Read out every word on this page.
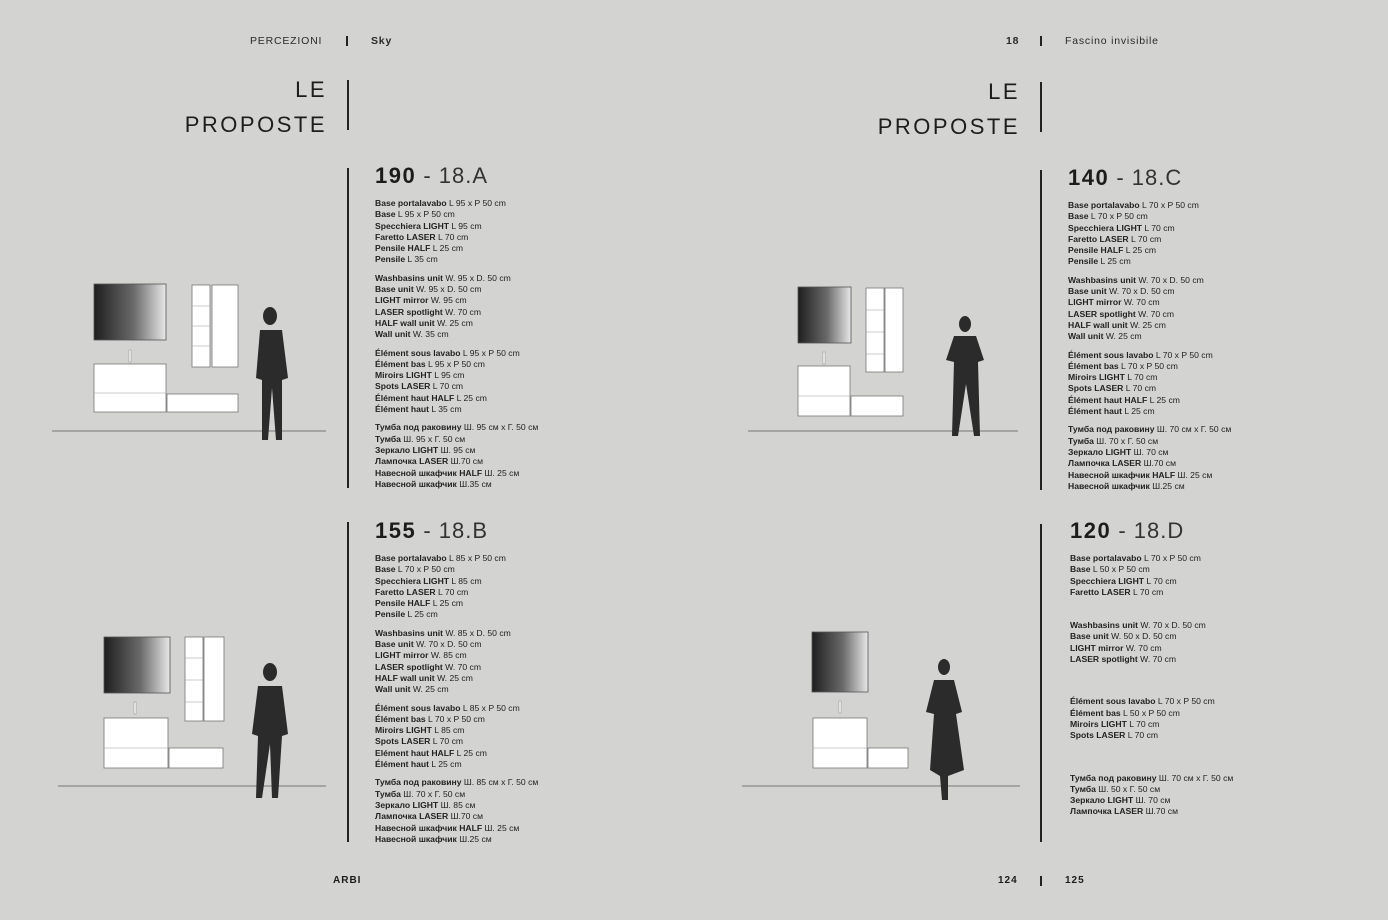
PERCEZIONI	Sky	18	Fascino invisibile
LE
PROPOSTE
LE
PROPOSTE
190 - 18.A
Base portalavabo L 95 x P 50 cm
Base L 95 x P 50 cm
Specchiera LIGHT L 95 cm
Faretto LASER L 70 cm
Pensile HALF L 25 cm
Pensile L 35 cm
Washbasins unit W. 95 x D. 50 cm
Base unit W. 95 x D. 50 cm
LIGHT mirror W. 95 cm
LASER spotlight W. 70 cm
HALF wall unit W. 25 cm
Wall unit W. 35 cm
Élément sous lavabo L 95 x P 50 cm
Élément bas L 95 x P 50 cm
Miroirs LIGHT L 95 cm
Spots LASER L 70 cm
Élément haut HALF L 25 cm
Élément haut L 35 cm
Тумба под раковину Ш. 95 см х Г. 50 см
Тумба Ш. 95 х Г. 50 см
Зеркало LIGHT Ш. 95 см
Лампочка LASER Ш.70 см
Навесной шкафчик HALF Ш. 25 см
Навесной шкафчик Ш.35 см
155 - 18.B
Base portalavabo L 85 x P 50 cm
Base L 70 x P 50 cm
Specchiera LIGHT L 85 cm
Faretto LASER L 70 cm
Pensile HALF L 25 cm
Pensile L 25 cm
Washbasins unit W. 85 x D. 50 cm
Base unit W. 70 x D. 50 cm
LIGHT mirror W. 85 cm
LASER spotlight W. 70 cm
HALF wall unit W. 25 cm
Wall unit W. 25 cm
Élément sous lavabo L 85 x P 50 cm
Élément bas L 70 x P 50 cm
Miroirs LIGHT L 85 cm
Spots LASER L 70 cm
Elément haut HALF L 25 cm
Élément haut L 25 cm
Тумба под раковину Ш. 85 см х Г. 50 см
Тумба Ш. 70 х Г. 50 см
Зеркало LIGHT Ш. 85 см
Лампочка LASER Ш.70 см
Навесной шкафчик HALF Ш. 25 см
Навесной шкафчик Ш.25 см
140 - 18.C
Base portalavabo L 70 x P 50 cm
Base L 70 x P 50 cm
Specchiera LIGHT L 70 cm
Faretto LASER L 70 cm
Pensile HALF L 25 cm
Pensile L 25 cm
Washbasins unit W. 70 x D. 50 cm
Base unit W. 70 x D. 50 cm
LIGHT mirror W. 70 cm
LASER spotlight W. 70 cm
HALF wall unit W. 25 cm
Wall unit W. 25 cm
Élément sous lavabo L 70 x P 50 cm
Élément bas L 70 x P 50 cm
Miroirs LIGHT L 70 cm
Spots LASER L 70 cm
Élément haut HALF L 25 cm
Élément haut L 25 cm
Тумба под раковину Ш. 70 см х Г. 50 см
Тумба Ш. 70 х Г. 50 см
Зеркало LIGHT Ш. 70 см
Лампочка LASER Ш.70 см
Навесной шкафчик HALF Ш. 25 см
Навесной шкафчик Ш.25 см
120 - 18.D
Base portalavabo L 70 x P 50 cm
Base L 50 x P 50 cm
Specchiera LIGHT L 70 cm
Faretto LASER L 70 cm
Washbasins unit W. 70 x D. 50 cm
Base unit W. 50 x D. 50 cm
LIGHT mirror W. 70 cm
LASER spotlight W. 70 cm
Élément sous lavabo L 70 x P 50 cm
Élément bas L 50 x P 50 cm
Miroirs LIGHT L 70 cm
Spots LASER L 70 cm
Тумба под раковину Ш. 70 см х Г. 50 см
Тумба Ш. 50 х Г. 50 см
Зеркало LIGHT Ш. 70 см
Лампочка LASER Ш.70 см
ARBI	124	125
